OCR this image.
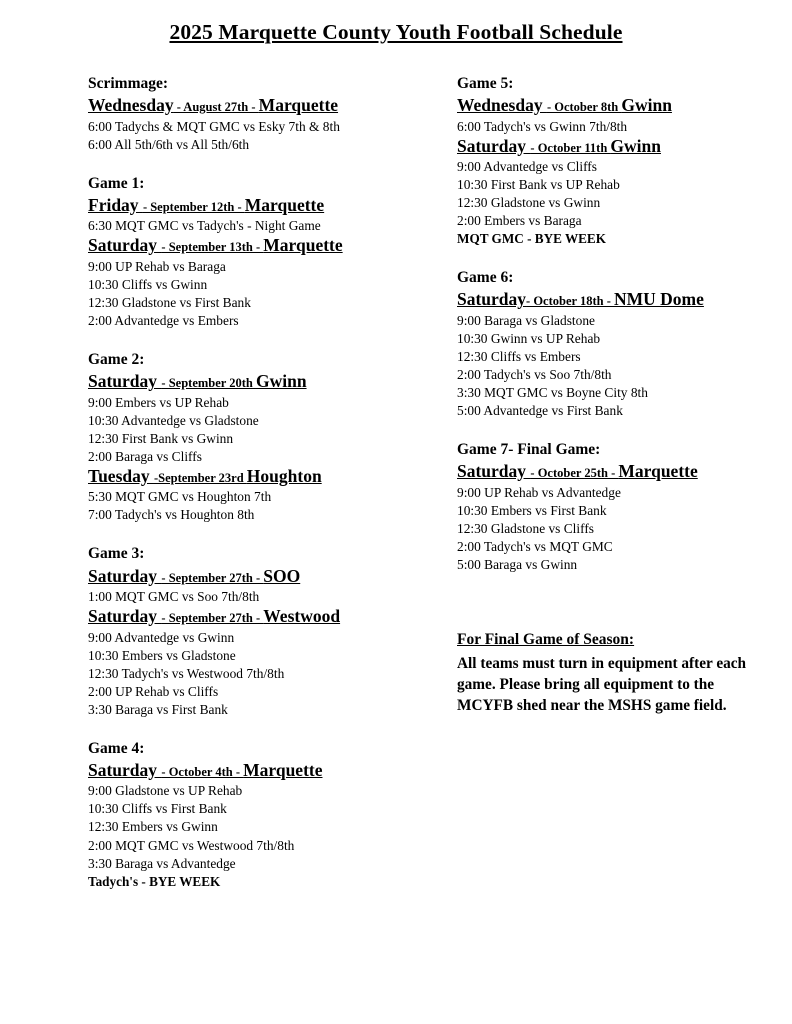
2025 Marquette County Youth Football Schedule
Scrimmage:
Wednesday - August 27th - Marquette
6:00 Tadychs & MQT GMC vs Esky 7th & 8th
6:00 All 5th/6th vs All 5th/6th
Game 1:
Friday - September 12th - Marquette
6:30 MQT GMC vs Tadych's - Night Game
Saturday - September 13th - Marquette
9:00 UP Rehab vs Baraga
10:30 Cliffs vs Gwinn
12:30 Gladstone vs First Bank
2:00 Advantedge vs Embers
Game 2:
Saturday - September 20th Gwinn
9:00 Embers vs UP Rehab
10:30 Advantedge vs Gladstone
12:30 First Bank vs Gwinn
2:00 Baraga vs Cliffs
Tuesday -September 23rd Houghton
5:30 MQT GMC vs Houghton 7th
7:00 Tadych's vs Houghton 8th
Game 3:
Saturday - September 27th - SOO
1:00 MQT GMC vs Soo 7th/8th
Saturday - September 27th - Westwood
9:00 Advantedge vs Gwinn
10:30 Embers vs Gladstone
12:30 Tadych's vs Westwood 7th/8th
2:00 UP Rehab vs Cliffs
3:30 Baraga vs First Bank
Game 4:
Saturday - October 4th - Marquette
9:00 Gladstone vs UP Rehab
10:30 Cliffs vs First Bank
12:30 Embers vs Gwinn
2:00 MQT GMC vs Westwood 7th/8th
3:30 Baraga vs Advantedge
Tadych's - BYE WEEK
Game 5:
Wednesday - October 8th Gwinn
6:00 Tadych's vs Gwinn 7th/8th
Saturday - October 11th Gwinn
9:00 Advantedge vs Cliffs
10:30 First Bank vs UP Rehab
12:30 Gladstone vs Gwinn
2:00 Embers vs Baraga
MQT GMC - BYE WEEK
Game 6:
Saturday- October 18th - NMU Dome
9:00 Baraga vs Gladstone
10:30 Gwinn vs UP Rehab
12:30 Cliffs vs Embers
2:00 Tadych's vs Soo 7th/8th
3:30 MQT GMC vs Boyne City 8th
5:00 Advantedge vs First Bank
Game 7- Final Game:
Saturday - October 25th - Marquette
9:00 UP Rehab vs Advantedge
10:30 Embers vs First Bank
12:30 Gladstone vs Cliffs
2:00 Tadych's vs MQT GMC
5:00 Baraga vs Gwinn
For Final Game of Season:
All teams must turn in equipment after each game. Please bring all equipment to the MCYFB shed near the MSHS game field.
